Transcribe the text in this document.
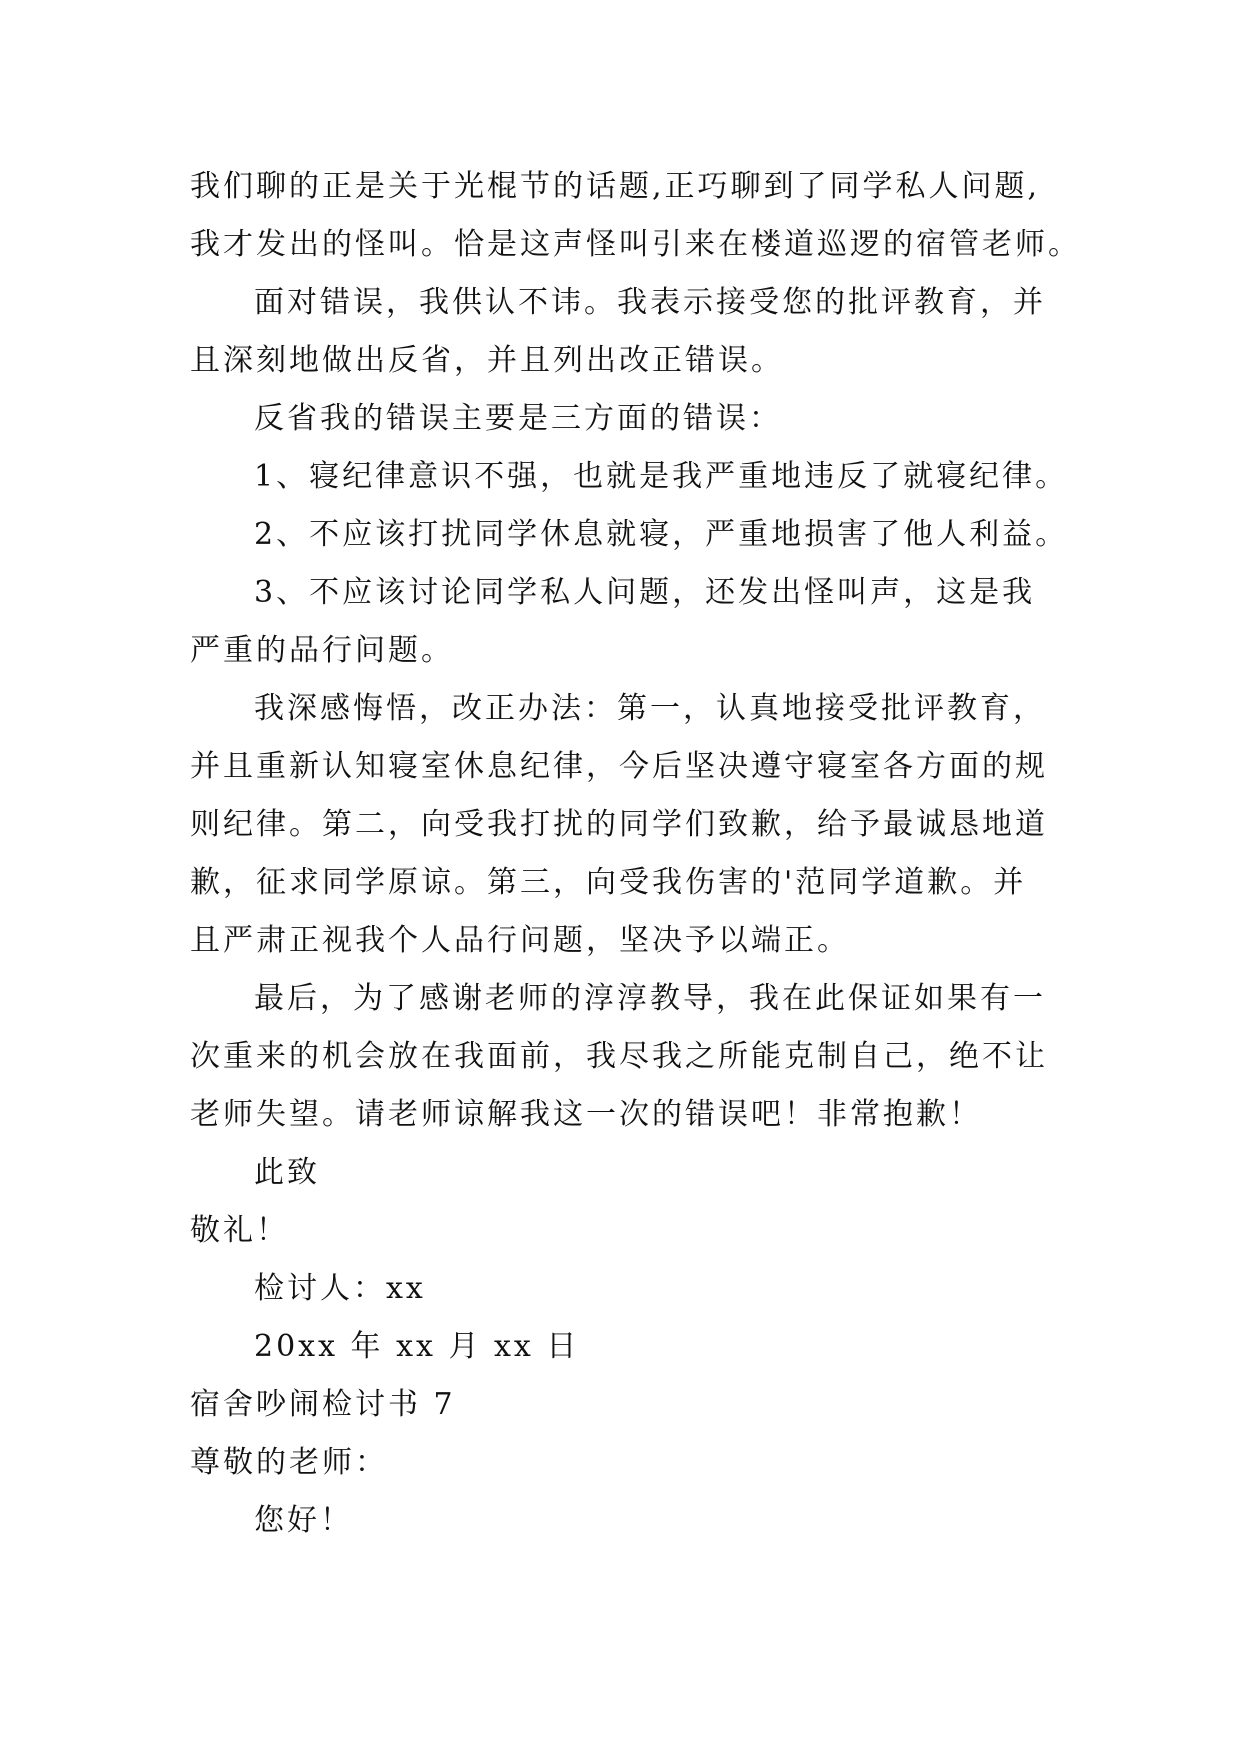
我们聊的正是关于光棍节的话题,正巧聊到了同学私人问题,
我才发出的怪叫。恰是这声怪叫引来在楼道巡逻的宿管老师。
面对错误，我供认不讳。我表示接受您的批评教育，并
且深刻地做出反省，并且列出改正错误。
反省我的错误主要是三方面的错误：
1、寝纪律意识不强，也就是我严重地违反了就寝纪律。
2、不应该打扰同学休息就寝，严重地损害了他人利益。
3、不应该讨论同学私人问题，还发出怪叫声，这是我
严重的品行问题。
我深感悔悟，改正办法：第一，认真地接受批评教育，
并且重新认知寝室休息纪律，今后坚决遵守寝室各方面的规
则纪律。第二，向受我打扰的同学们致歉，给予最诚恳地道
歉，征求同学原谅。第三，向受我伤害的'范同学道歉。并
且严肃正视我个人品行问题，坚决予以端正。
最后，为了感谢老师的淳淳教导，我在此保证如果有一
次重来的机会放在我面前，我尽我之所能克制自己，绝不让
老师失望。请老师谅解我这一次的错误吧！非常抱歉！
此致
敬礼！
检讨人：xx
20xx 年 xx 月 xx 日
宿舍吵闹检讨书 7
尊敬的老师：
您好！
